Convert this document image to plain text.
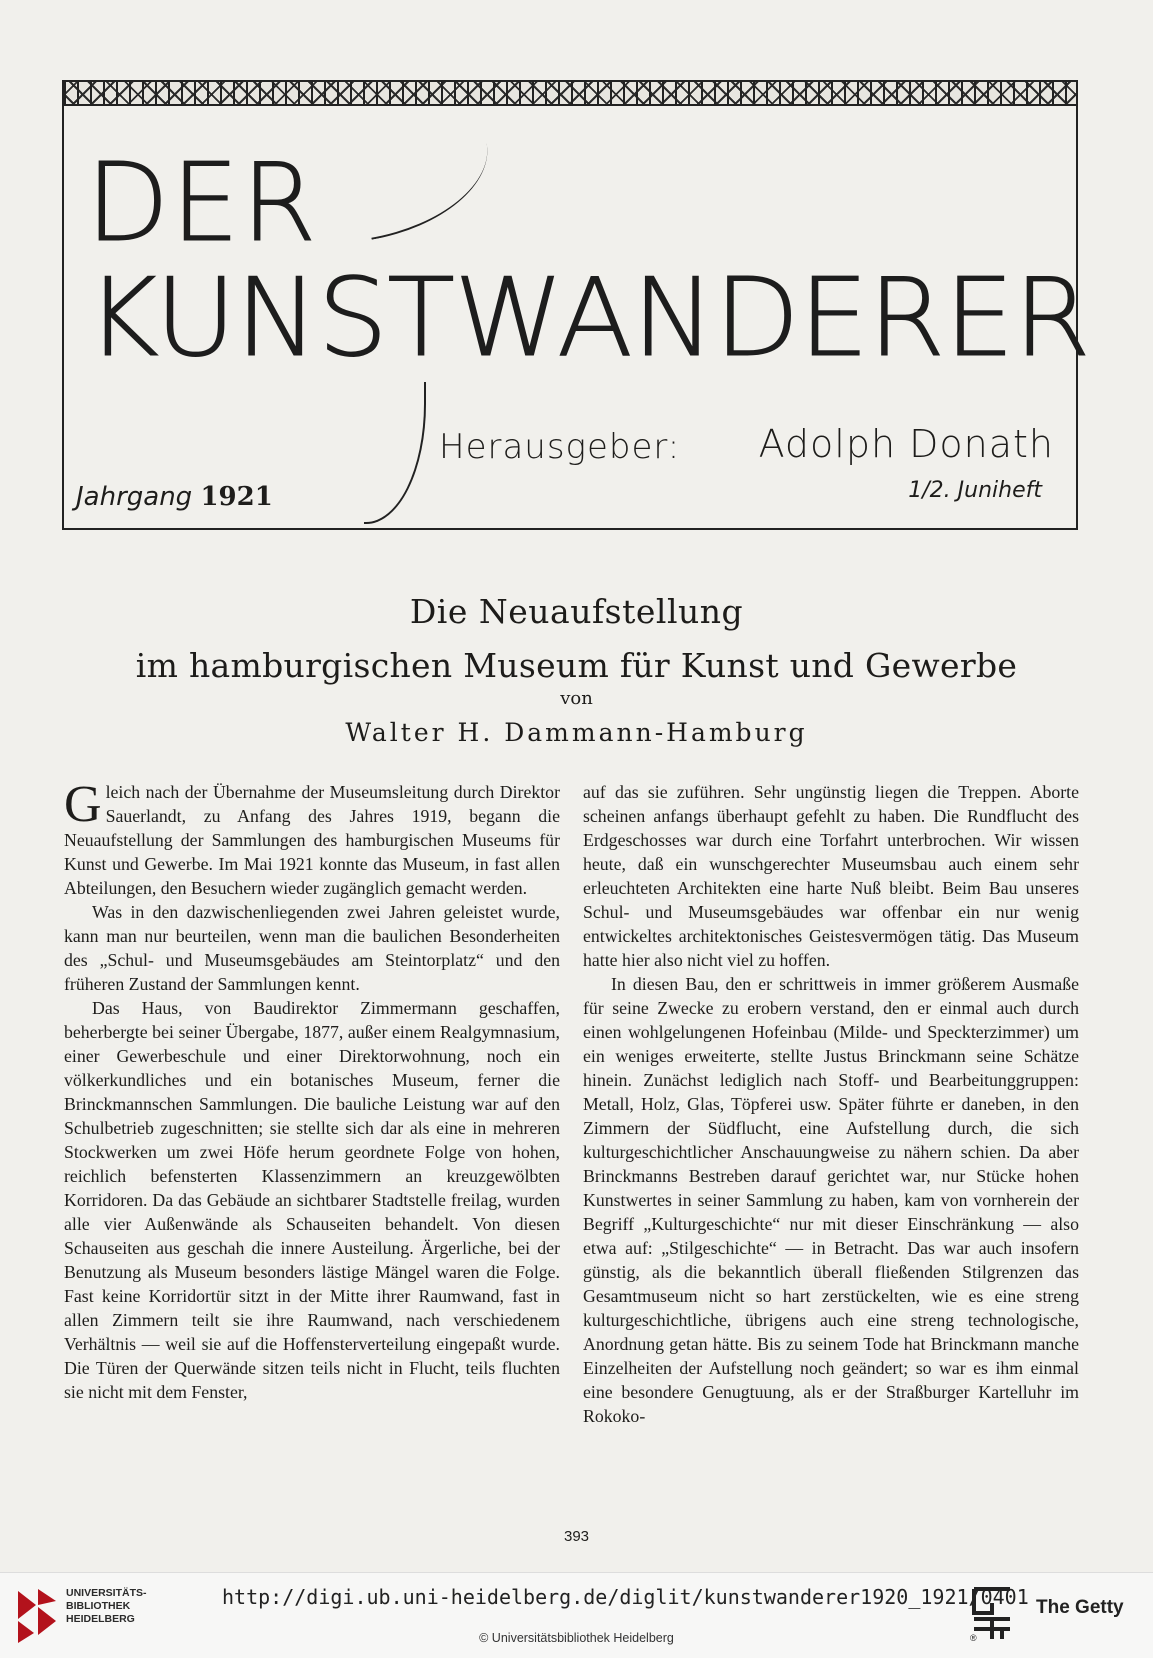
DER
KUNSTWANDERER
Herausgeber: Adolph Donath
Jahrgang 1921	1/2. Juniheft
Die Neuaufstellung
im hamburgischen Museum für Kunst und Gewerbe
von
Walter H. Dammann-Hamburg

Gleich nach der Übernahme der Museumsleitung durch Direktor Sauerlandt, zu Anfang des Jahres 1919, begann die Neuaufstellung der Sammlungen des hamburgischen Museums für Kunst und Gewerbe. Im Mai 1921 konnte das Museum, in fast allen Abteilungen, den Besuchern wieder zugänglich gemacht werden.

Was in den dazwischenliegenden zwei Jahren geleistet wurde, kann man nur beurteilen, wenn man die baulichen Besonderheiten des „Schul- und Museumsgebäudes am Steintorplatz“ und den früheren Zustand der Sammlungen kennt.

Das Haus, von Baudirektor Zimmermann geschaffen, beherbergte bei seiner Übergabe, 1877, außer einem Realgymnasium, einer Gewerbeschule und einer Direktorwohnung, noch ein völkerkundliches und ein botanisches Museum, ferner die Brinckmannschen Sammlungen. Die bauliche Leistung war auf den Schulbetrieb zugeschnitten; sie stellte sich dar als eine in mehreren Stockwerken um zwei Höfe herum geordnete Folge von hohen, reichlich befensterten Klassenzimmern an kreuzgewölbten Korridoren. Da das Gebäude an sichtbarer Stadtstelle freilag, wurden alle vier Außenwände als Schauseiten behandelt. Von diesen Schauseiten aus geschah die innere Austeilung. Ärgerliche, bei der Benutzung als Museum besonders lästige Mängel waren die Folge. Fast keine Korridortür sitzt in der Mitte ihrer Raumwand, fast in allen Zimmern teilt sie ihre Raumwand, nach verschiedenem Verhältnis — weil sie auf die Hoffensterverteilung eingepaßt wurde. Die Türen der Querwände sitzen teils nicht in Flucht, teils fluchten sie nicht mit dem Fenster,

auf das sie zuführen. Sehr ungünstig liegen die Treppen. Aborte scheinen anfangs überhaupt gefehlt zu haben. Die Rundflucht des Erdgeschosses war durch eine Torfahrt unterbrochen. Wir wissen heute, daß ein wunschgerechter Museumsbau auch einem sehr erleuchteten Architekten eine harte Nuß bleibt. Beim Bau unseres Schul- und Museumsgebäudes war offenbar ein nur wenig entwickeltes architektonisches Geistesvermögen tätig. Das Museum hatte hier also nicht viel zu hoffen.

In diesen Bau, den er schrittweis in immer größerem Ausmaße für seine Zwecke zu erobern verstand, den er einmal auch durch einen wohlgelungenen Hofeinbau (Milde- und Speckterzimmer) um ein weniges erweiterte, stellte Justus Brinckmann seine Schätze hinein. Zunächst lediglich nach Stoff- und Bearbeitunggruppen: Metall, Holz, Glas, Töpferei usw. Später führte er daneben, in den Zimmern der Südflucht, eine Aufstellung durch, die sich kulturgeschichtlicher Anschauungweise zu nähern schien. Da aber Brinckmanns Bestreben darauf gerichtet war, nur Stücke hohen Kunstwertes in seiner Sammlung zu haben, kam von vornherein der Begriff „Kulturgeschichte“ nur mit dieser Einschränkung — also etwa auf: „Stilgeschichte“ — in Betracht. Das war auch insofern günstig, als die bekanntlich überall fließenden Stilgrenzen das Gesamtmuseum nicht so hart zerstückelten, wie es eine streng kulturgeschichtliche, übrigens auch eine streng technologische, Anordnung getan hätte. Bis zu seinem Tode hat Brinckmann manche Einzelheiten der Aufstellung noch geändert; so war es ihm einmal eine besondere Genugtuung, als er der Straßburger Kartelluhr im Rokoko-

393
UNIVERSITÄTS-
BIBLIOTHEK
HEIDELBERG
http://digi.ub.uni-heidelberg.de/diglit/kunstwanderer1920_1921/0401
© Universitätsbibliothek Heidelberg	®
The Getty
